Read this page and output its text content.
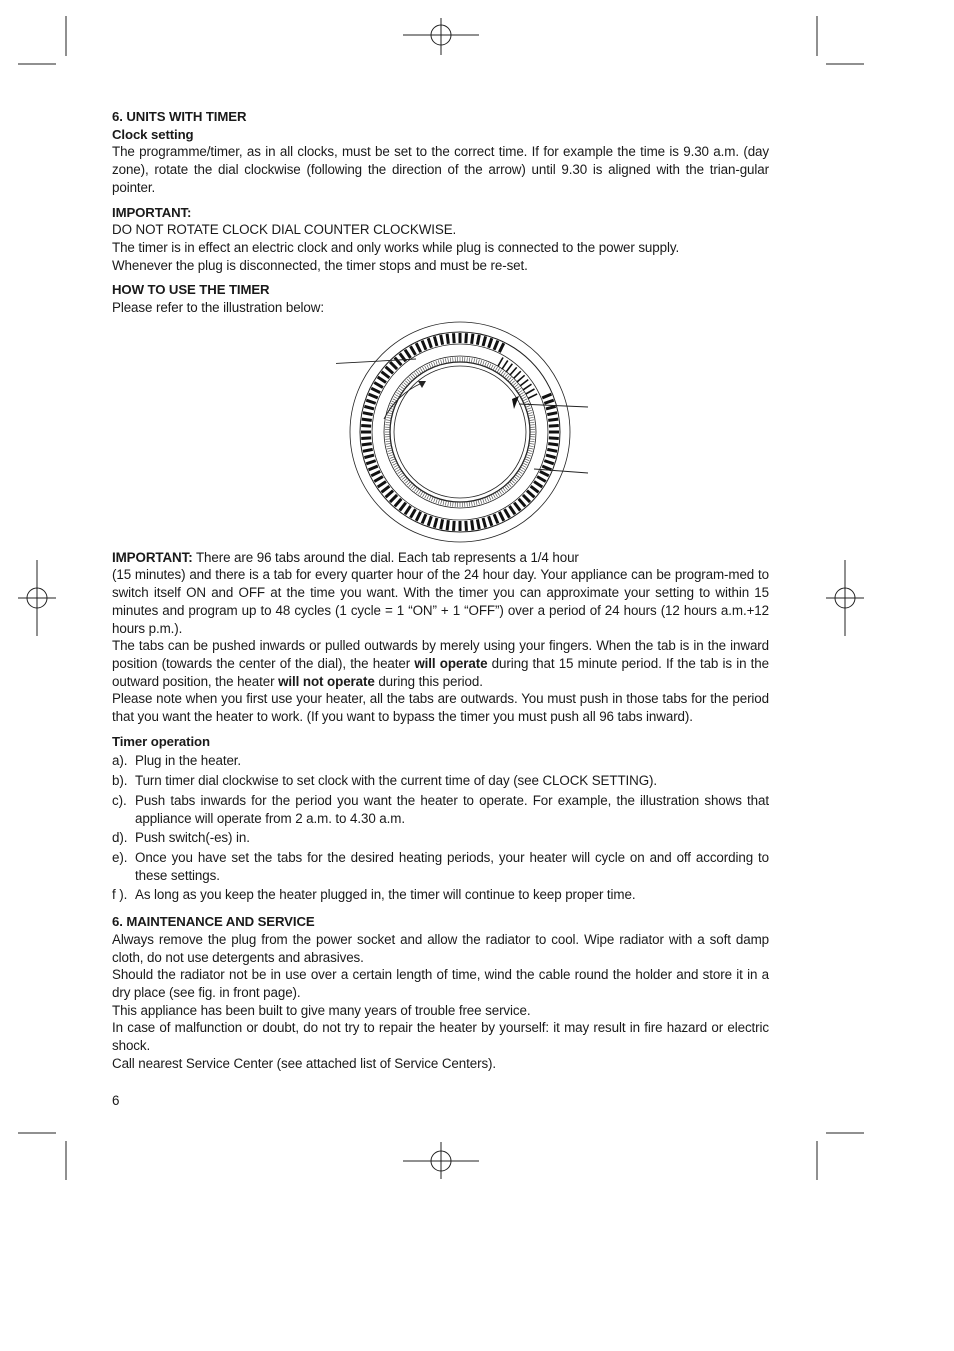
6. UNITS WITH TIMER

Clock setting

The programme/timer, as in all clocks, must be set to the correct time. If for example the time is 9.30 a.m. (day zone), rotate the dial clockwise (following the direction of the arrow) until 9.30 is aligned with the trian-gular pointer.

IMPORTANT:

DO NOT ROTATE CLOCK DIAL COUNTER CLOCKWISE.

The timer is in effect an electric clock and only works while plug is connected to the power supply.

Whenever the plug is disconnected, the timer stops and must be re-set.

HOW TO USE THE TIMER

Please refer to the illustration below:

IMPORTANT: There are 96 tabs around the dial. Each tab represents a 1/4 hour

(15 minutes) and there is a tab for every quarter hour of the 24 hour day. Your appliance can be program-med to switch itself ON and OFF at the time you want. With the timer you can approximate your setting to within 15 minutes and program up to 48 cycles (1 cycle = 1 “ON” + 1 “OFF”) over a period of 24 hours (12 hours a.m.+12 hours p.m.).

The tabs can be pushed inwards or pulled outwards by merely using your fingers. When the tab is in the inward position (towards the center of the dial), the heater will operate during that 15 minute period. If the tab is in the outward position, the heater will not operate during this period.

Please note when you first use your heater, all the tabs are outwards. You must push in those tabs for the period that you want the heater to work. (If you want to bypass the timer you must push all 96 tabs inward).

Timer operation

a). Plug in the heater.
b). Turn timer dial clockwise to set clock with the current time of day (see CLOCK SETTING).
c). Push tabs inwards for the period you want the heater to operate. For example, the illustration shows that appliance will operate from 2 a.m. to 4.30 a.m.
d). Push switch(-es) in.
e). Once you have set the tabs for the desired heating periods, your heater will cycle on and off according to these settings.
f ). As long as you keep the heater plugged in, the timer will continue to keep proper time.

6. MAINTENANCE AND SERVICE

Always remove the plug from the power socket and allow the radiator to cool. Wipe radiator with a soft damp cloth, do not use detergents and abrasives.

Should the radiator not be in use over a certain length of time, wind the cable round the holder and store it in a dry place (see fig. in front page).

This appliance has been built to give many years of trouble free service.

In case of malfunction or doubt, do not try to repair the heater by yourself: it may result in fire hazard or electric shock.

Call nearest Service Center (see attached list of Service Centers).

6
